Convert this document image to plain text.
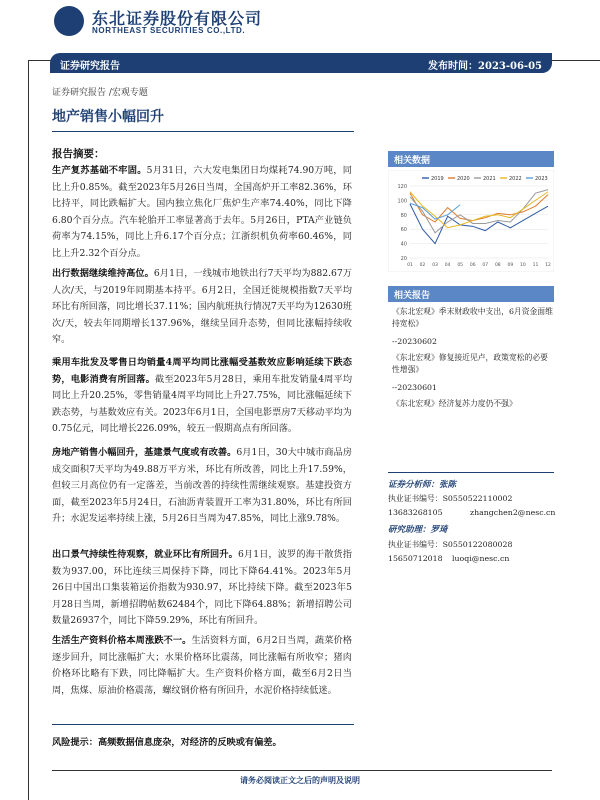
东北证券股份有限公司
NORTHEAST SECURITIES CO.,LTD.
证券研究报告	发布时间：2023-06-05
证券研究报告 /宏观专题
地产销售小幅回升
报告摘要：
生产复苏基础不牢固。5月31日，六大发电集团日均煤耗74.90万吨，同比上升0.85%。截至2023年5月26日当周，全国高炉开工率82.36%，环比持平，同比跌幅扩大。国内独立焦化厂焦炉生产率74.40%，同比下降6.80个百分点。汽车轮胎开工率显著高于去年。5月26日，PTA产业链负荷率为74.15%，同比上升6.17个百分点；江浙织机负荷率60.46%，同比上升2.32个百分点。
出行数据继续维持高位。6月1日，一线城市地铁出行7天平均为882.67万人次/天，与2019年同期基本持平。6月2日，全国迁徙规模指数7天平均环比有所回落，同比增长37.11%；国内航班执行情况7天平均为12630班次/天，较去年同期增长137.96%，继续呈回升态势，但同比涨幅持续收窄。
乘用车批发及零售日均销量4周平均同比涨幅受基数效应影响延续下跌态势，电影消费有所回落。截至2023年5月28日，乘用车批发销量4周平均同比上升20.25%，零售销量4周平均同比上升27.75%，同比涨幅延续下跌态势，与基数效应有关。2023年6月1日，全国电影票房7天移动平均为0.75亿元，同比增长226.09%，较五一假期高点有所回落。
房地产销售小幅回升，基建景气度或有改善。6月1日，30大中城市商品房成交面积7天平均为49.88万平方米，环比有所改善，同比上升17.59%，但较三月高位仍有一定落差，当前改善的持续性需继续观察。基建投资方面，截至2023年5月24日，石油沥青装置开工率为31.80%，环比有所回升；水泥发运率持续上涨，5月26日当周为47.85%，同比上涨9.78%。
出口景气持续性待观察，就业环比有所回升。6月1日，波罗的海干散货指数为937.00，环比连续三周保持下降，同比下降64.41%。2023年5月26日中国出口集装箱运价指数为930.97，环比持续下降。截至2023年5月28日当周，新增招聘帖数62484个，同比下降64.88%；新增招聘公司数量26937个，同比下降59.29%，环比有所回升。
生活生产资料价格本周涨跌不一。生活资料方面，6月2日当周，蔬菜价格逐步回升，同比涨幅扩大；水果价格环比震荡，同比涨幅有所收窄；猪肉价格环比略有下跌，同比降幅扩大。生产资料价格方面，截至6月2日当周，焦煤、原油价格震荡，螺纹钢价格有所回升，水泥价格持续低迷。
风险提示：高频数据信息庞杂，对经济的反映或有偏差。
相关数据
2019	2020	2021	2022	2023
20
40
60
80
100
120
01 02 03 04 05 06 07 08 09 10 11 12
相关报告
《东北宏观》季末财政收中支出，6月资金面维持宽松》
--20230602
《东北宏观》修复接近见卢，政策宽松的必要性增强》
--20230601
《东北宏观》经济复苏力度仍不强》
证券分析师：张陈
执业证书编号：S0550522110002
13683268105	zhangchen2@nesc.cn
研究助理：罗琦
执业证书编号：S0550122080028
15650712018 luoqi@nesc.cn
请务必阅读正文之后的声明及说明
